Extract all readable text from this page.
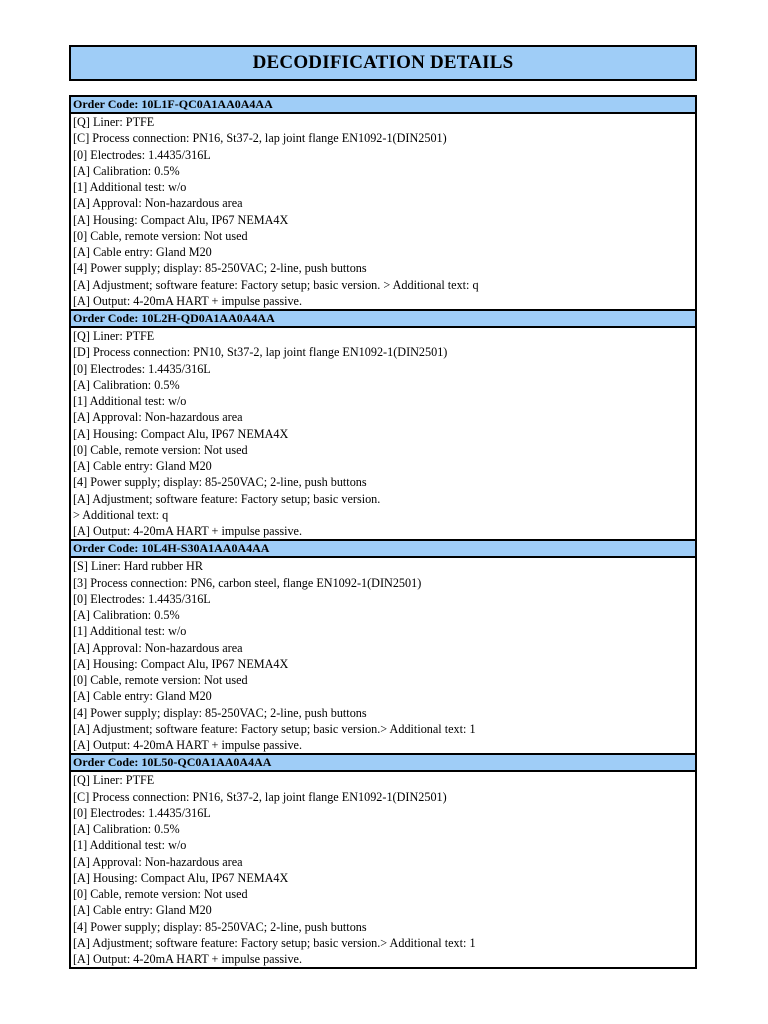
DECODIFICATION DETAILS
Order Code: 10L1F-QC0A1AA0A4AA
[Q] Liner: PTFE
[C] Process connection: PN16, St37-2, lap joint flange EN1092-1(DIN2501)
[0] Electrodes: 1.4435/316L
[A] Calibration: 0.5%
[1] Additional test: w/o
[A] Approval: Non-hazardous area
[A] Housing: Compact Alu, IP67 NEMA4X
[0] Cable, remote version: Not used
[A] Cable entry: Gland M20
[4] Power supply; display: 85-250VAC; 2-line, push buttons
[A] Adjustment; software feature: Factory setup; basic version. > Additional text: q
[A] Output: 4-20mA HART + impulse passive.
Order Code: 10L2H-QD0A1AA0A4AA
[Q] Liner: PTFE
[D] Process connection: PN10, St37-2, lap joint flange EN1092-1(DIN2501)
[0] Electrodes: 1.4435/316L
[A] Calibration: 0.5%
[1] Additional test: w/o
[A] Approval: Non-hazardous area
[A] Housing: Compact Alu, IP67 NEMA4X
[0] Cable, remote version: Not used
[A] Cable entry: Gland M20
[4] Power supply; display: 85-250VAC; 2-line, push buttons
[A] Adjustment; software feature: Factory setup; basic version.
> Additional text: q
[A] Output: 4-20mA HART + impulse passive.
Order Code: 10L4H-S30A1AA0A4AA
[S] Liner: Hard rubber HR
[3] Process connection: PN6, carbon steel, flange EN1092-1(DIN2501)
[0] Electrodes: 1.4435/316L
[A] Calibration: 0.5%
[1] Additional test: w/o
[A] Approval: Non-hazardous area
[A] Housing: Compact Alu, IP67 NEMA4X
[0] Cable, remote version: Not used
[A] Cable entry: Gland M20
[4] Power supply; display: 85-250VAC; 2-line, push buttons
[A] Adjustment; software feature: Factory setup; basic version.> Additional text: 1
[A] Output: 4-20mA HART + impulse passive.
Order Code: 10L50-QC0A1AA0A4AA
[Q] Liner: PTFE
[C] Process connection: PN16, St37-2, lap joint flange EN1092-1(DIN2501)
[0] Electrodes: 1.4435/316L
[A] Calibration: 0.5%
[1] Additional test: w/o
[A] Approval: Non-hazardous area
[A] Housing: Compact Alu, IP67 NEMA4X
[0] Cable, remote version: Not used
[A] Cable entry: Gland M20
[4] Power supply; display: 85-250VAC; 2-line, push buttons
[A] Adjustment; software feature: Factory setup; basic version.> Additional text: 1
[A] Output: 4-20mA HART + impulse passive.
